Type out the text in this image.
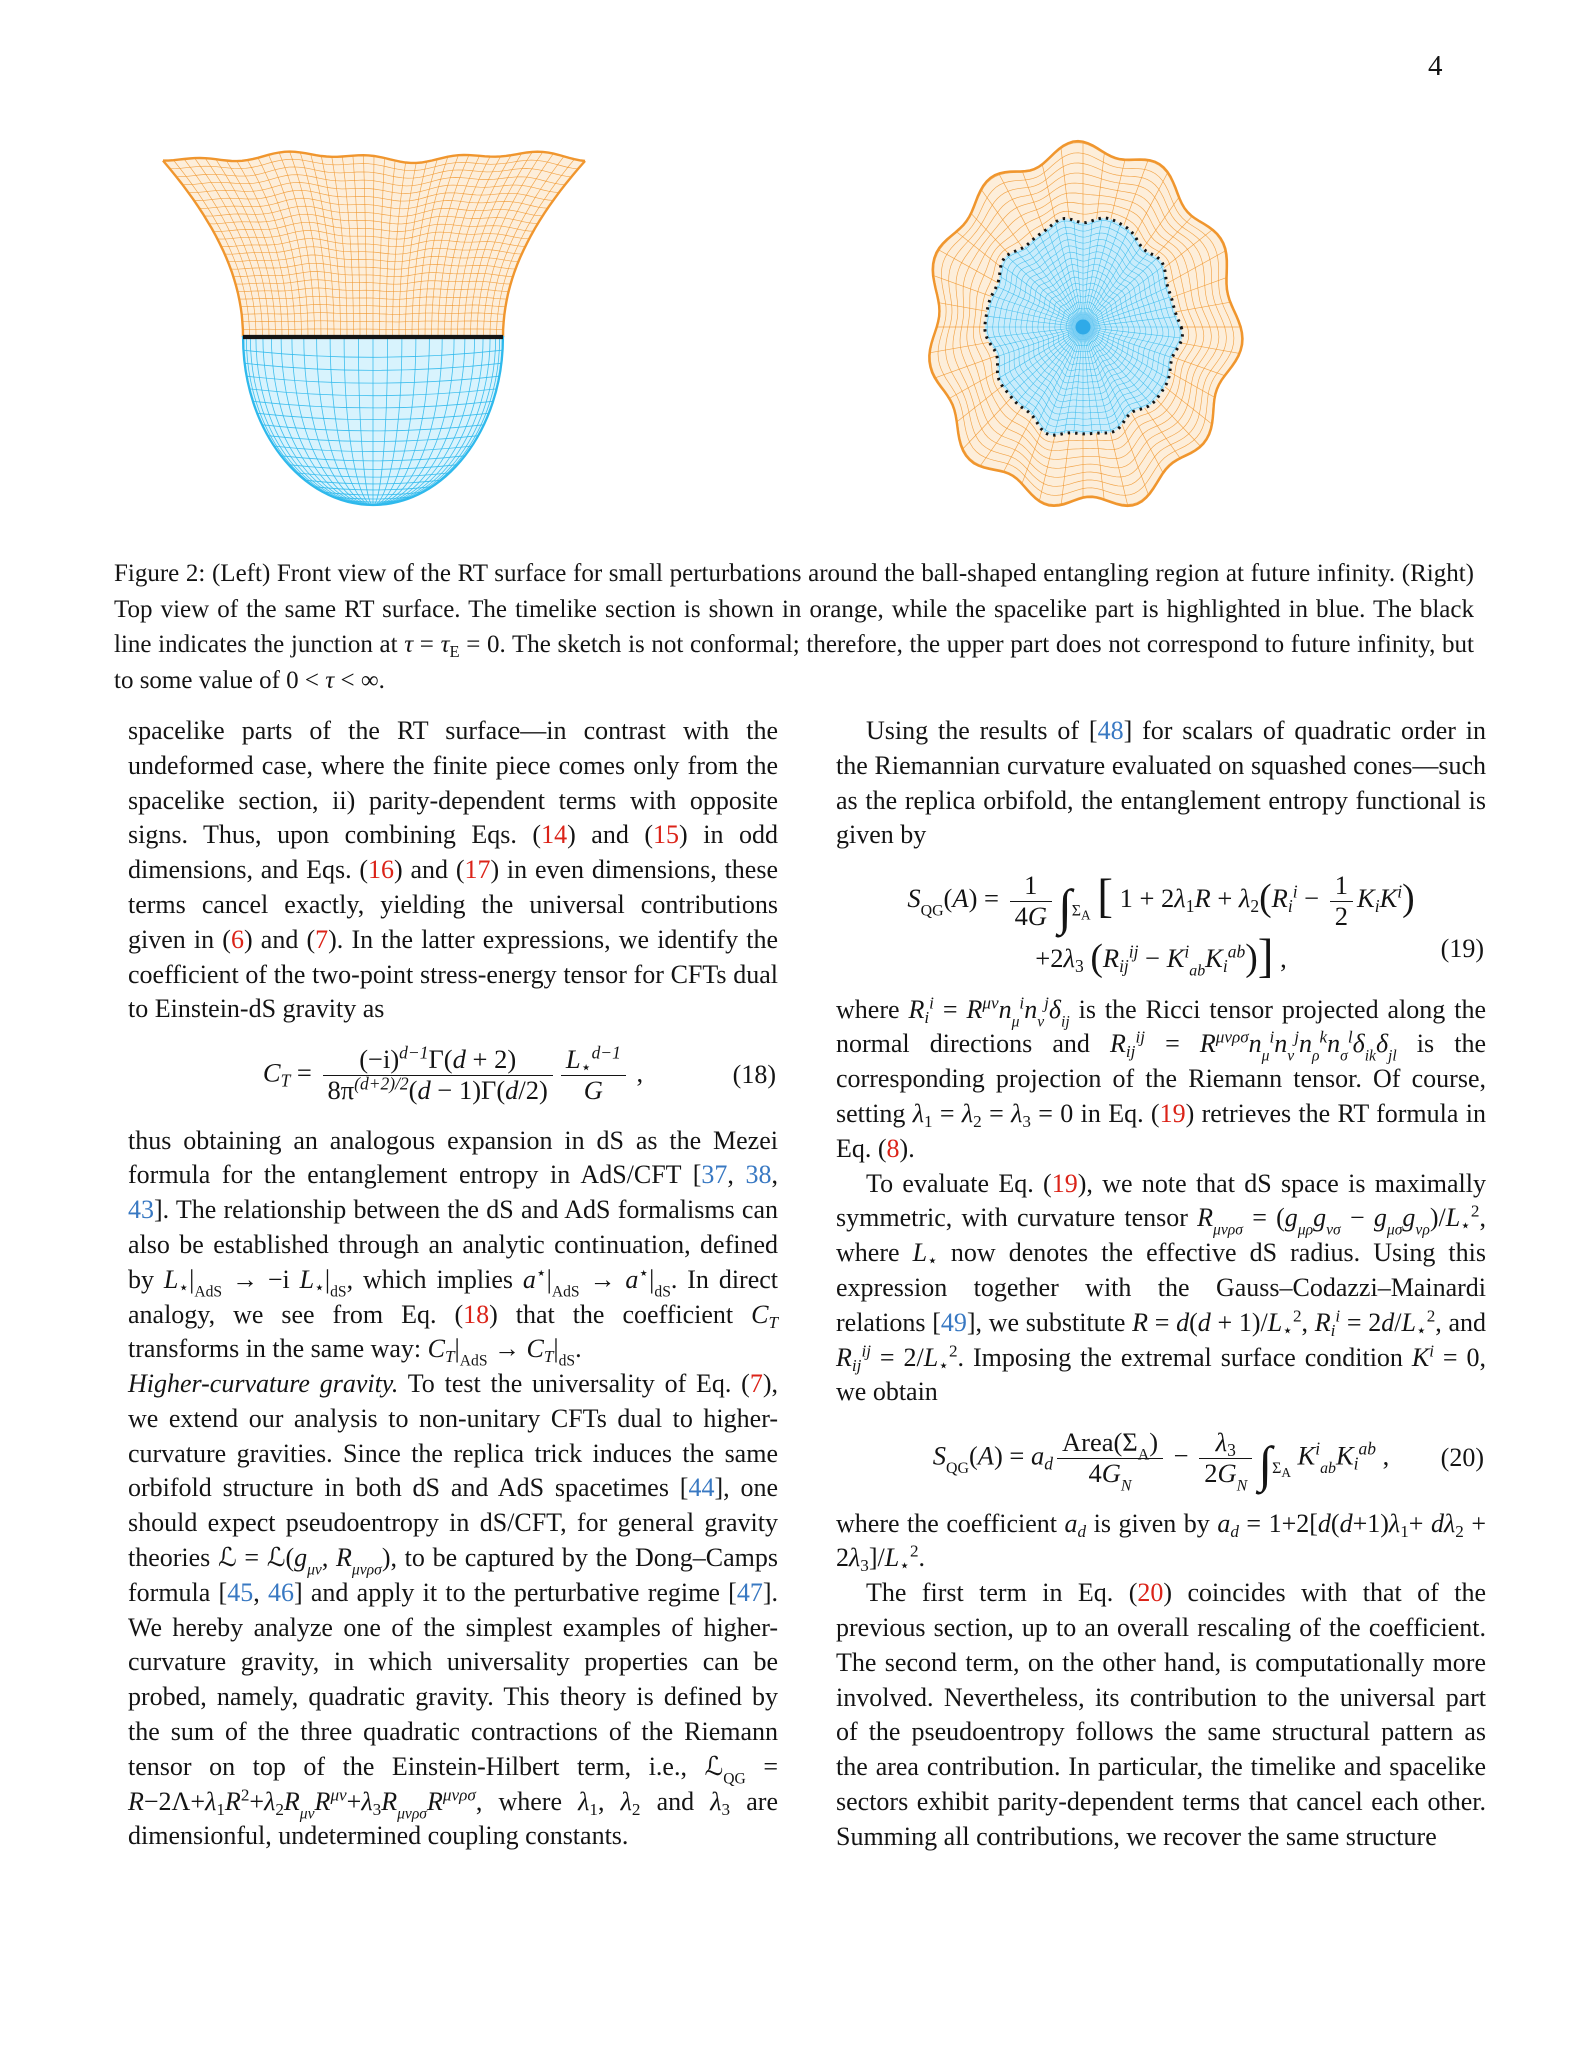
4
Figure 2: (Left) Front view of the RT surface for small perturbations around the ball-shaped entangling region at future infinity. (Right) Top view of the same RT surface. The timelike section is shown in orange, while the spacelike part is highlighted in blue. The black line indicates the junction at $\tau = \tau_E = 0$. The sketch is not conformal; therefore, the upper part does not correspond to future infinity, but to some value of 0 < τ < ∞.

spacelike parts of the RT surface—in contrast with the undeformed case, where the finite piece comes only from the spacelike section, ii) parity-dependent terms with opposite signs. Thus, upon combining Eqs. (14) and (15) in odd dimensions, and Eqs. (16) and (17) in even dimensions, these terms cancel exactly, yielding the universal contributions given in (6) and (7). In the latter expressions, we identify the coefficient of the two-point stress-energy tensor for CFTs dual to Einstein-dS gravity as

$C_T = \frac{(-i)^{d-1}\Gamma(d + 2)}{8\pi^{(d+2)/2}(d - 1)\Gamma(d/2)} \frac{L_⋆^{d-1}}{G}$ ,	(18)

thus obtaining an analogous expansion in dS as the Mezei formula for the entanglement entropy in AdS/CFT [37, 38, 43]. The relationship between the dS and AdS formalisms can also be established through an analytic continuation, defined by $L_⋆|_{AdS} \to -i$ $L_⋆|_{dS}$, which implies $a^⋆|_{AdS} \to a^⋆|_{dS}$. In direct analogy, we see from Eq. (18) that the coefficient $C_T$ transforms in the same way: $C_T|_{AdS} \to C_T|_{dS}$.

Higher-curvature gravity. To test the universality of Eq. (7), we extend our analysis to non-unitary CFTs dual to higher-curvature gravities. Since the replica trick induces the same orbifold structure in both dS and AdS spacetimes [44], one should expect pseudoentropy in dS/CFT, for general gravity theories ℒ = $ℒ(g_{\mu\nu}$, $R_{\mu\nu\rho\sigma}$), to be captured by the Dong–Camps formula [45, 46] and apply it to the perturbative regime [47]. We hereby analyze one of the simplest examples of higher-curvature gravity, in which universality properties can be probed, namely, quadratic gravity. This theory is defined by the sum of the three quadratic contractions of the Riemann tensor on top of the Einstein-Hilbert term, i.e., ℒ$_{QG}$ = $R-2\Lambda+\lambda_1R^2+\lambda_2R_{\mu\nu}R^{\mu\nu}+\lambda_3R_{\mu\nu\rho\sigma}R^{\mu\nu\rho\sigma}$, where $\lambda_1$, $\lambda_2$ and $\lambda_3$ are dimensionful, undetermined coupling constants.

Using the results of [48] for scalars of quadratic order in the Riemannian curvature evaluated on squashed cones—such as the replica orbifold, the entanglement entropy functional is given by

$S_{QG}(A) = \frac{1}{4G} \int_{\Sigma A}$ [ $1 + 2\lambda_1R + \lambda_2(R_i^i - \frac{1}{2} K_iK^i)$
$+2\lambda_3$ $(R_{ij}^{ij} - K^i_{ab}K_i^{ab})$] ,	(19)

where $R_i^i = R^{\mu\nu}n_\mu^in_\nu^j\delta_{ij}$ is the Ricci tensor projected along the normal directions and $R_{ij}^{ij} = R^{\mu\nu\rho\sigma}n_\mu^in_\nu^jn_\rho^kn_\sigma^l\delta_{ik}\delta_{jl}$ is the corresponding projection of the Riemann tensor. Of course, setting $\lambda_1 = \lambda_2 = \lambda_3 = 0$ in Eq. (19) retrieves the RT formula in Eq. (8).

To evaluate Eq. (19), we note that dS space is maximally symmetric, with curvature tensor $R_{\mu\nu\rho\sigma} = (g_{\mu\rho}g_{\nu\sigma} - g_{\mu\sigma}g_{\nu\rho})/L_⋆^2$, where $L_⋆$ now denotes the effective dS radius. Using this expression together with the Gauss–Codazzi–Mainardi relations [49], we substitute $R = d(d + 1)/L_⋆^2$, $R_i^i = 2d/L_⋆^2$, and $R_{ij}^{ij} = 2/L_⋆^2$. Imposing the extremal surface condition $K^i = 0$, we obtain

$S_{QG}(A) = a_d \frac{Area(\Sigma_A)}{4G_N} - \frac{\lambda_3}{2G_N} \int_{\Sigma A}$ $K^i_{ab}K_i^{ab}$ , (20)

where the coefficient $a_d$ is given by $a_d = 1+2[d(d+1)\lambda_1+ d\lambda_2 + 2\lambda_3]/L_⋆^2$.

The first term in Eq. (20) coincides with that of the previous section, up to an overall rescaling of the coefficient. The second term, on the other hand, is computationally more involved. Nevertheless, its contribution to the universal part of the pseudoentropy follows the same structural pattern as the area contribution. In particular, the timelike and spacelike sectors exhibit parity-dependent terms that cancel each other. Summing all contributions, we recover the same structure
